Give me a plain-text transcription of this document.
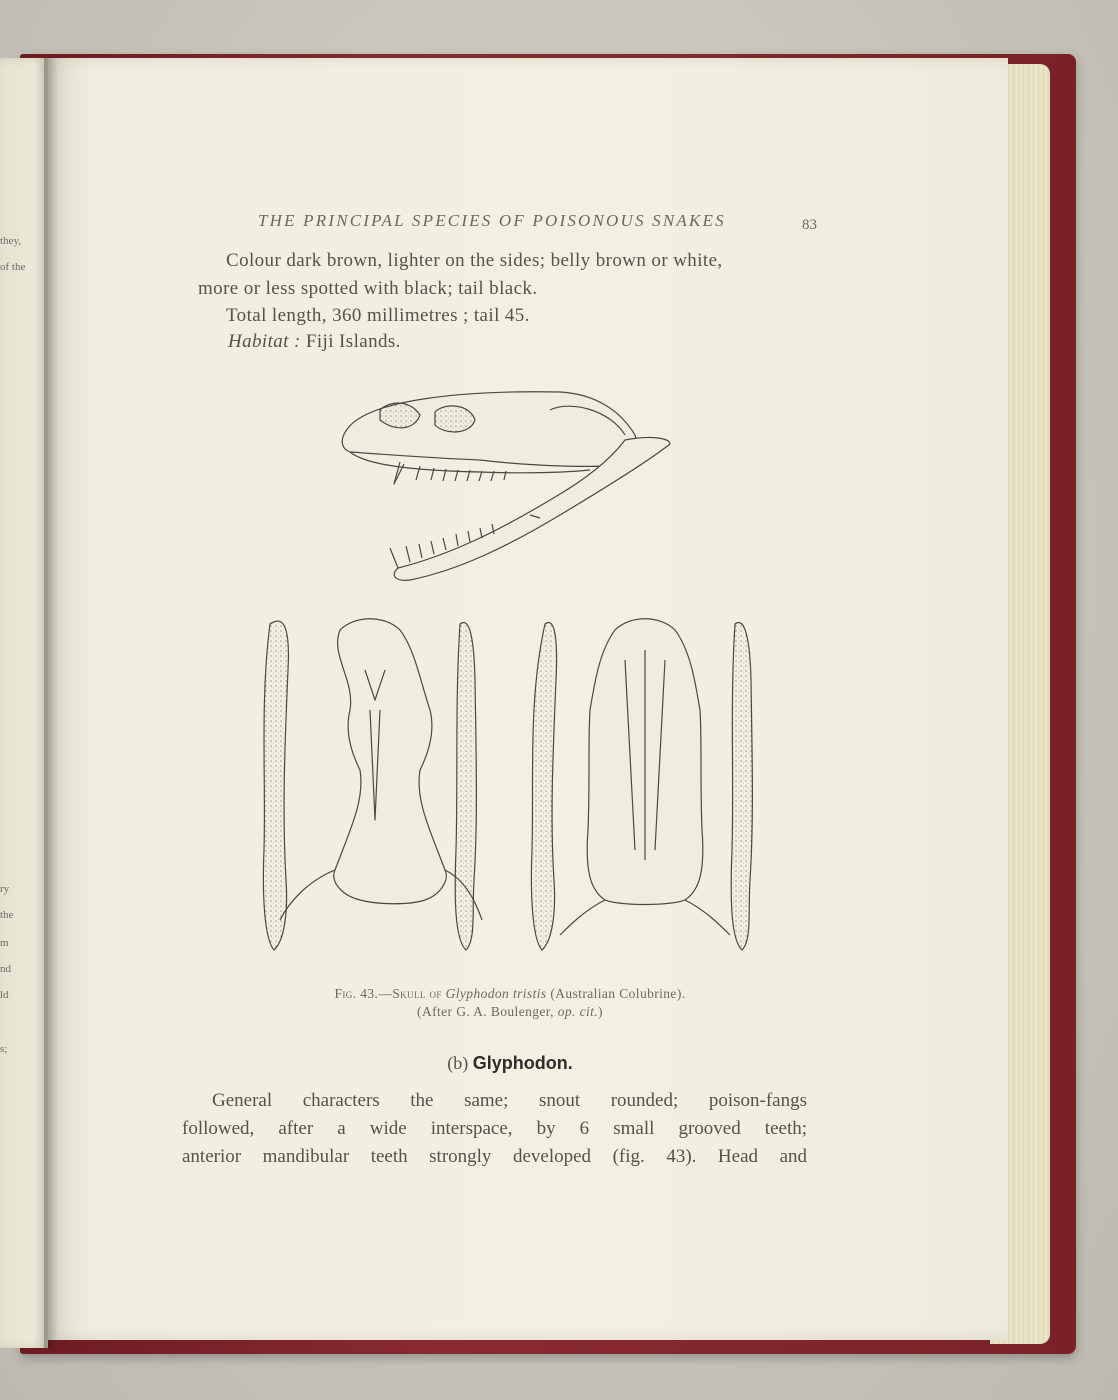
they,
of the
ry
the
m
nd
ld
s;
THE PRINCIPAL SPECIES OF POISONOUS SNAKES	83
Colour dark brown, lighter on the sides; belly brown or white,
more or less spotted with black; tail black.
Total length, 360 millimetres ; tail 45.
Habitat : Fiji Islands.
Fig. 43.—Skull of Glyphodon tristis (Australian Colubrine).
(After G. A. Boulenger, op. cit.)
(b) Glyphodon.
General characters the same; snout rounded; poison-fangs
followed, after a wide interspace, by 6 small grooved teeth;
anterior mandibular teeth strongly developed (fig. 43). Head and
